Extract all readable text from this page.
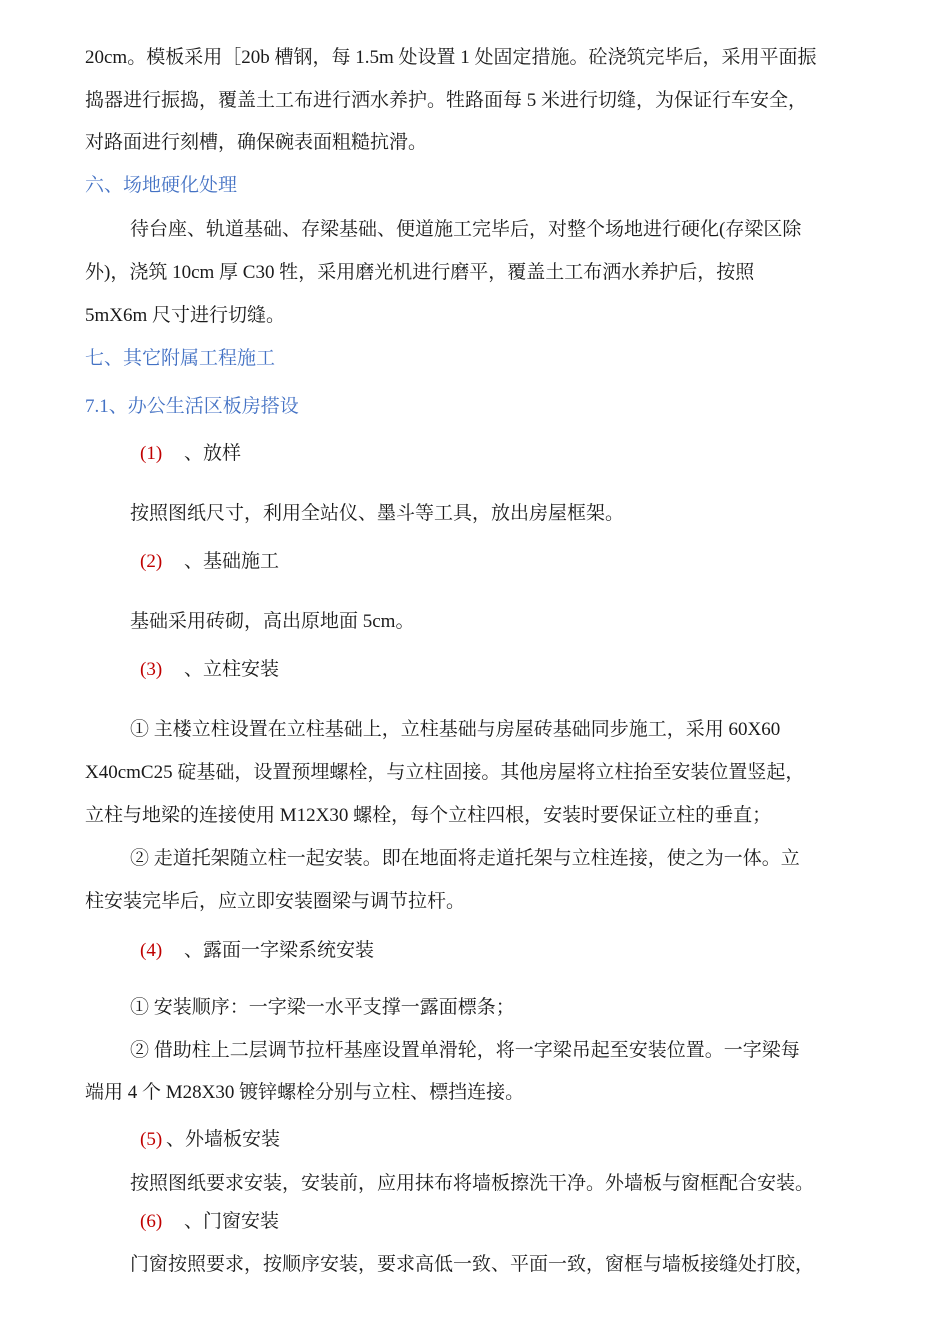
20cm。模板采用［20b 槽钢，每 1.5m 处设置 1 处固定措施。砼浇筑完毕后，采用平面振
捣器进行振捣，覆盖土工布进行洒水养护。牲路面每 5 米进行切缝，为保证行车安全，
对路面进行刻槽，确保碗表面粗糙抗滑。
六、场地硬化处理
待台座、轨道基础、存梁基础、便道施工完毕后，对整个场地进行硬化(存梁区除
外)，浇筑 10cm 厚 C30 牲，采用磨光机进行磨平，覆盖土工布洒水养护后，按照
5mX6m 尺寸进行切缝。
七、其它附属工程施工
7.1、办公生活区板房搭设
(1) 、放样
按照图纸尺寸，利用全站仪、墨斗等工具，放出房屋框架。
(2) 、基础施工
基础采用砖砌，高出原地面 5cm。
(3) 、立柱安装
① 主楼立柱设置在立柱基础上，立柱基础与房屋砖基础同步施工，采用 60X60
X40cmC25 碇基础，设置预埋螺栓，与立柱固接。其他房屋将立柱抬至安装位置竖起，
立柱与地梁的连接使用 M12X30 螺栓，每个立柱四根，安装时要保证立柱的垂直；
② 走道托架随立柱一起安装。即在地面将走道托架与立柱连接，使之为一体。立
柱安装完毕后，应立即安装圈梁与调节拉杆。
(4) 、露面一字梁系统安装
① 安装顺序：一字梁一水平支撑一露面標条；
② 借助柱上二层调节拉杆基座设置单滑轮，将一字梁吊起至安装位置。一字梁每
端用 4 个 M28X30 镀锌螺栓分别与立柱、標挡连接。
(5) 、外墙板安装
按照图纸要求安装，安装前，应用抹布将墙板擦洗干净。外墙板与窗框配合安装。
(6) 、门窗安装
门窗按照要求，按顺序安装，要求高低一致、平面一致，窗框与墙板接缝处打胶，
